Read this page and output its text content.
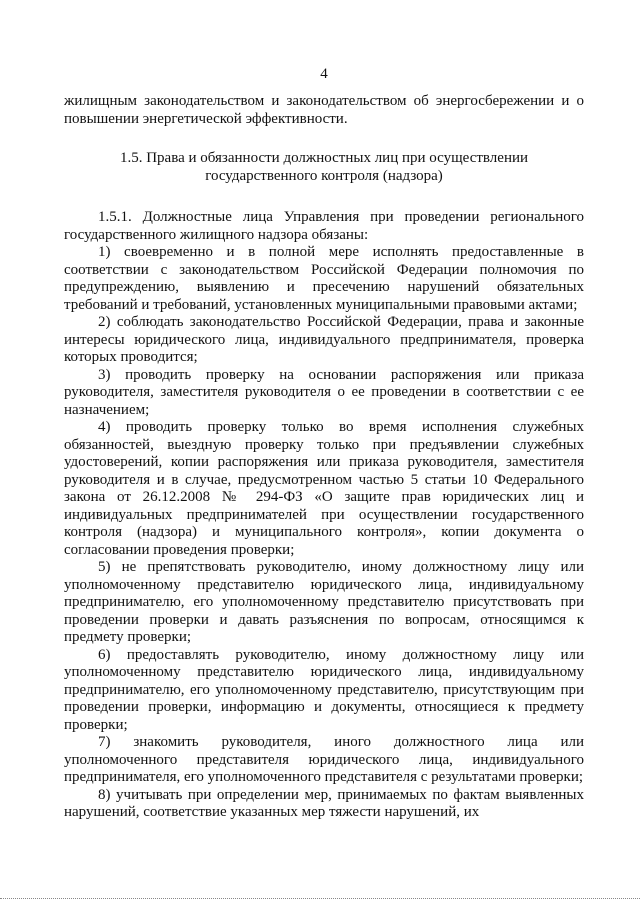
4

жилищным законодательством и законодательством об энергосбережении и о повышении энергетической эффективности.

1.5. Права и обязанности должностных лиц при осуществлении
государственного контроля (надзора)

1.5.1. Должностные лица Управления при проведении регионального государственного жилищного надзора обязаны:

1) своевременно и в полной мере исполнять предоставленные в соответствии с законодательством Российской Федерации полномочия по предупреждению, выявлению и пресечению нарушений обязательных требований и требований, установленных муниципальными правовыми актами;

2) соблюдать законодательство Российской Федерации, права и законные интересы юридического лица, индивидуального предпринимателя, проверка которых проводится;

3) проводить проверку на основании распоряжения или приказа руководителя, заместителя руководителя о ее проведении в соответствии с ее назначением;

4) проводить проверку только во время исполнения служебных обязанностей, выездную проверку только при предъявлении служебных удостоверений, копии распоряжения или приказа руководителя, заместителя руководителя и в случае, предусмотренном частью 5 статьи 10 Федерального закона от 26.12.2008 № 294-ФЗ «О защите прав юридических лиц и индивидуальных предпринимателей при осуществлении государственного контроля (надзора) и муниципального контроля», копии документа о согласовании проведения проверки;

5) не препятствовать руководителю, иному должностному лицу или уполномоченному представителю юридического лица, индивидуальному предпринимателю, его уполномоченному представителю присутствовать при проведении проверки и давать разъяснения по вопросам, относящимся к предмету проверки;

6) предоставлять руководителю, иному должностному лицу или уполномоченному представителю юридического лица, индивидуальному предпринимателю, его уполномоченному представителю, присутствующим при проведении проверки, информацию и документы, относящиеся к предмету проверки;

7) знакомить руководителя, иного должностного лица или уполномоченного представителя юридического лица, индивидуального предпринимателя, его уполномоченного представителя с результатами проверки;

8) учитывать при определении мер, принимаемых по фактам выявленных нарушений, соответствие указанных мер тяжести нарушений, их
